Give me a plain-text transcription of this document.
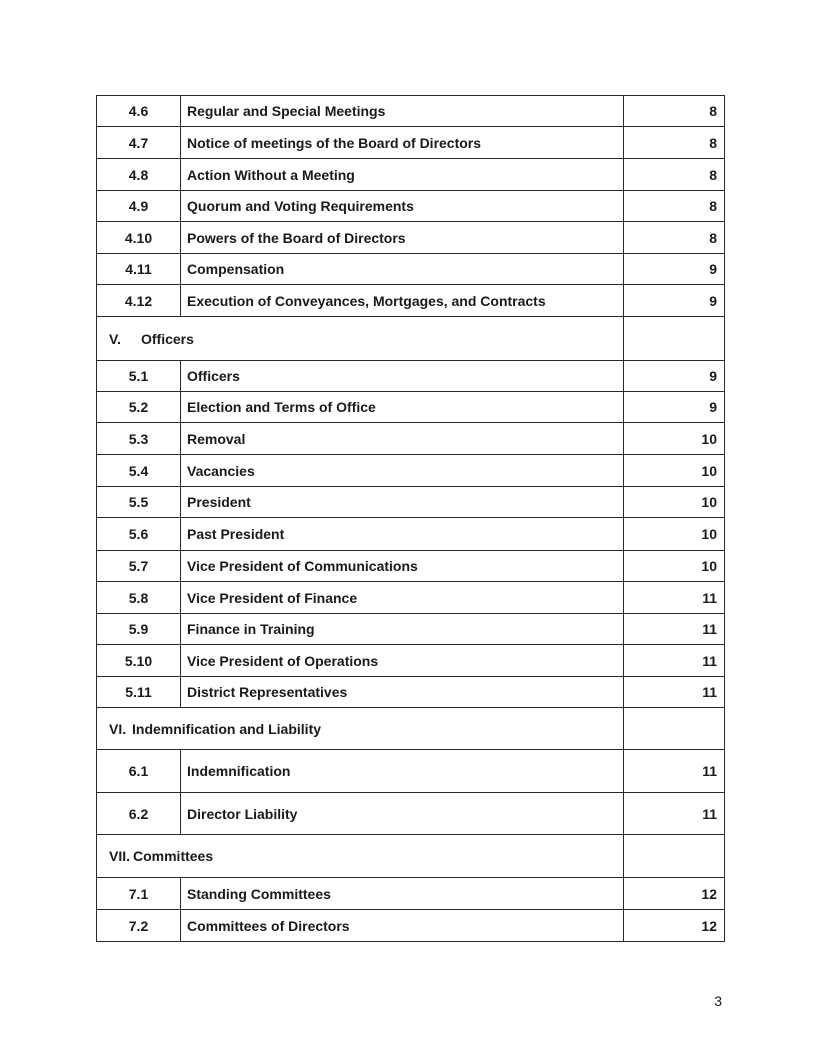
4.6	Regular and Special Meetings	8
4.7	Notice of meetings of the Board of Directors	8
4.8	Action Without a Meeting	8
4.9	Quorum and Voting Requirements	8
4.10	Powers of the Board of Directors	8
4.11	Compensation	9
4.12	Execution of Conveyances, Mortgages, and Contracts	9
V. Officers		
5.1	Officers	9
5.2	Election and Terms of Office	9
5.3	Removal	10
5.4	Vacancies	10
5.5	President	10
5.6	Past President	10
5.7	Vice President of Communications	10
5.8	Vice President of Finance	11
5.9	Finance in Training	11
5.10	Vice President of Operations	11
5.11	District Representatives	11
VI. Indemnification and Liability		
6.1	Indemnification	11
6.2	Director Liability	11
VII. Committees		
7.1	Standing Committees	12
7.2	Committees of Directors	12
3
